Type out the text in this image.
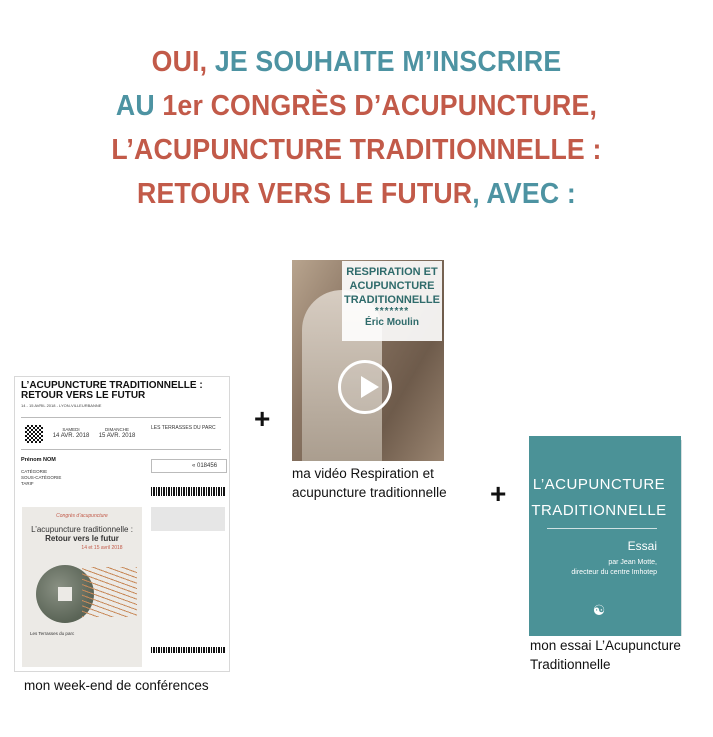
OUI, JE SOUHAITE M’INSCRIRE
AU 1er CONGRÈS D’ACUPUNCTURE,
L’ACUPUNCTURE TRADITIONNELLE :
RETOUR VERS LE FUTUR, AVEC :
L’ACUPUNCTURE TRADITIONNELLE :
RETOUR VERS LE FUTUR
14 - 15 AVRIL 2018 - LYON-VILLEURBANNE
SAMEDI
14 AVR. 2018
DIMANCHE
15 AVR. 2018
LES TERRASSES DU PARC
Prénom NOM
CATÉGORIE
SOUS-CATÉGORIE
TARIF
« 018456
Congrès d’acupuncture
L’acupuncture traditionnelle :
Retour vers le futur
14 et 15 avril 2018
Les Terrasses du parc
+
RESPIRATION ET
ACUPUNCTURE
TRADITIONNELLE
*******
Éric Moulin
ma vidéo Respiration et
acupuncture traditionnelle + L’ACUPUNCTURE
TRADITIONNELLE
Essai
par Jean Motte,
directeur du centre Imhotep
☯
mon essai L’Acupuncture
Traditionnelle
mon week-end de conférences
